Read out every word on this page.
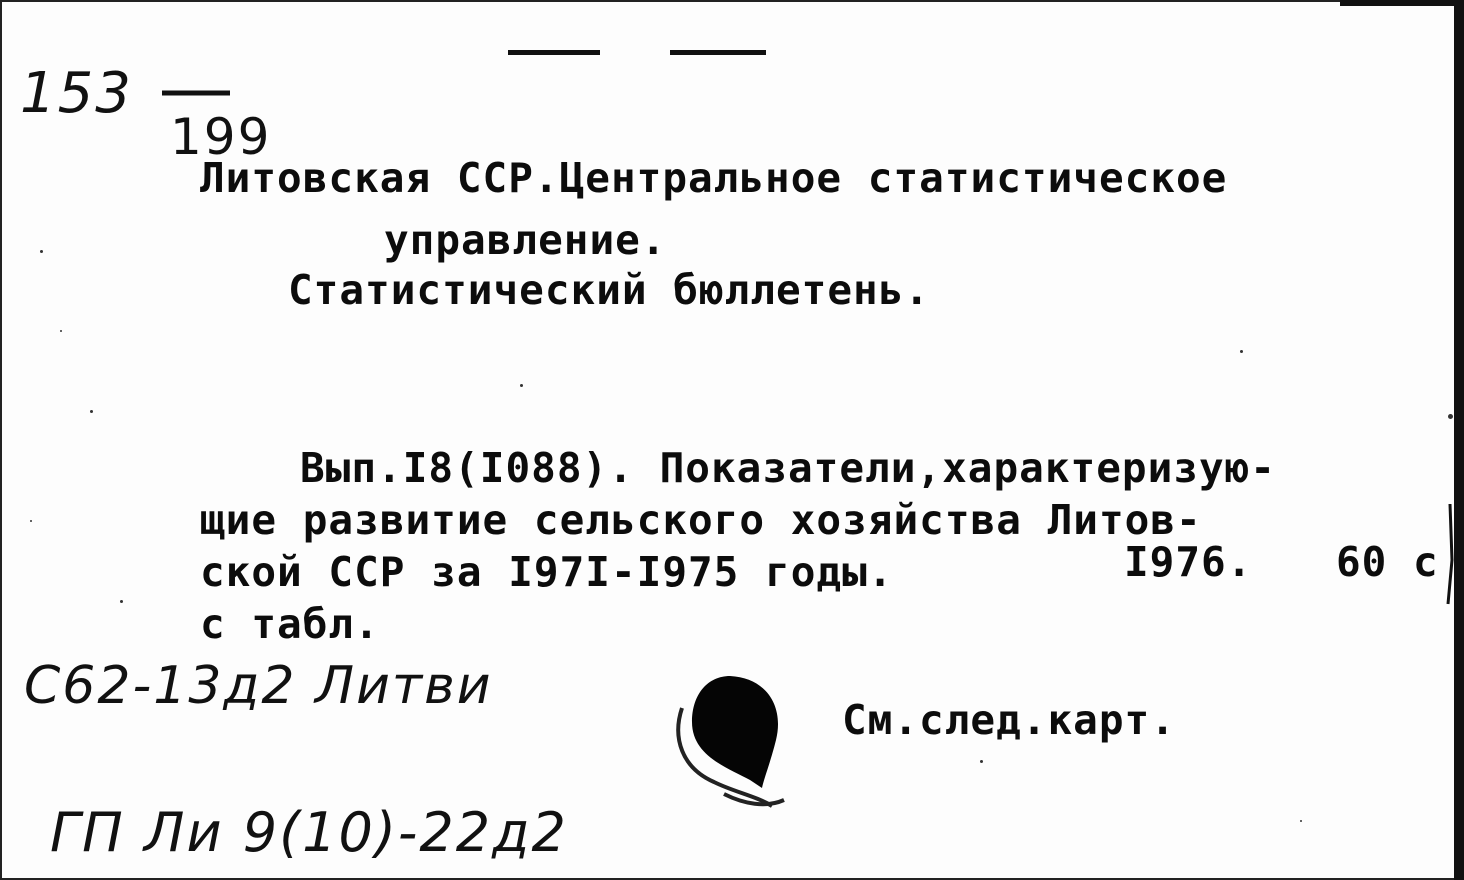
153
199
Литовская ССР.Центральное статистическое
управление.
Статистический бюллетень.
Вып.I8(I088). Показатели,характеризую-
щие развитие сельского хозяйства Литов-
ской ССР за I97I-I975 годы.	I976. 60 с
с табл.
С62-13д2 Литви
См.след.карт.
ГП Ли 9(10)-22д2
